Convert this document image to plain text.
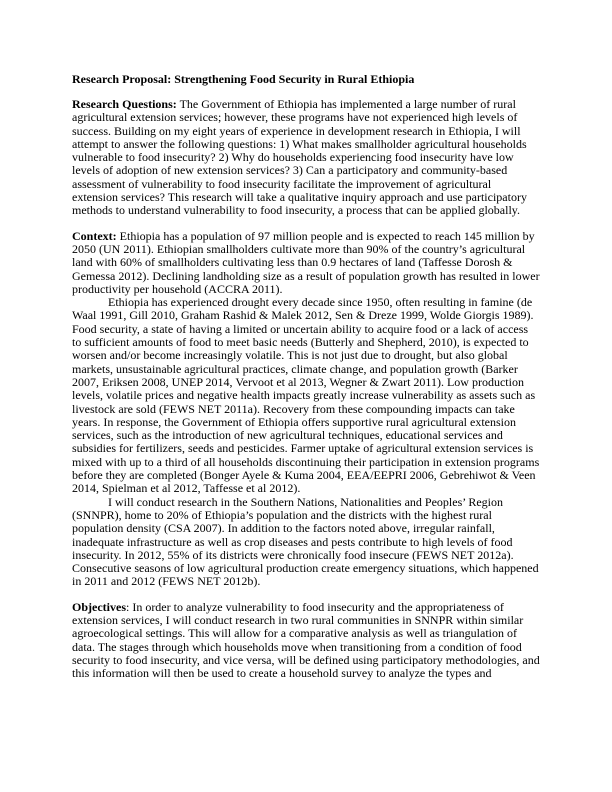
Research Proposal: Strengthening Food Security in Rural Ethiopia

Research Questions: The Government of Ethiopia has implemented a large number of rural agricultural extension services; however, these programs have not experienced high levels of success. Building on my eight years of experience in development research in Ethiopia, I will attempt to answer the following questions: 1) What makes smallholder agricultural households vulnerable to food insecurity? 2) Why do households experiencing food insecurity have low levels of adoption of new extension services? 3) Can a participatory and community-based assessment of vulnerability to food insecurity facilitate the improvement of agricultural extension services? This research will take a qualitative inquiry approach and use participatory methods to understand vulnerability to food insecurity, a process that can be applied globally.

Context: Ethiopia has a population of 97 million people and is expected to reach 145 million by 2050 (UN 2011). Ethiopian smallholders cultivate more than 90% of the country’s agricultural land with 60% of smallholders cultivating less than 0.9 hectares of land (Taffesse Dorosh & Gemessa 2012). Declining landholding size as a result of population growth has resulted in lower productivity per household (ACCRA 2011).

Ethiopia has experienced drought every decade since 1950, often resulting in famine (de Waal 1991, Gill 2010, Graham Rashid & Malek 2012, Sen & Dreze 1999, Wolde Giorgis 1989). Food security, a state of having a limited or uncertain ability to acquire food or a lack of access to sufficient amounts of food to meet basic needs (Butterly and Shepherd, 2010), is expected to worsen and/or become increasingly volatile. This is not just due to drought, but also global markets, unsustainable agricultural practices, climate change, and population growth (Barker 2007, Eriksen 2008, UNEP 2014, Vervoot et al 2013, Wegner & Zwart 2011). Low production levels, volatile prices and negative health impacts greatly increase vulnerability as assets such as livestock are sold (FEWS NET 2011a). Recovery from these compounding impacts can take years. In response, the Government of Ethiopia offers supportive rural agricultural extension services, such as the introduction of new agricultural techniques, educational services and subsidies for fertilizers, seeds and pesticides. Farmer uptake of agricultural extension services is mixed with up to a third of all households discontinuing their participation in extension programs before they are completed (Bonger Ayele & Kuma 2004, EEA/EEPRI 2006, Gebrehiwot & Veen 2014, Spielman et al 2012, Taffesse et al 2012).

I will conduct research in the Southern Nations, Nationalities and Peoples’ Region (SNNPR), home to 20% of Ethiopia’s population and the districts with the highest rural population density (CSA 2007). In addition to the factors noted above, irregular rainfall, inadequate infrastructure as well as crop diseases and pests contribute to high levels of food insecurity. In 2012, 55% of its districts were chronically food insecure (FEWS NET 2012a). Consecutive seasons of low agricultural production create emergency situations, which happened in 2011 and 2012 (FEWS NET 2012b).

Objectives: In order to analyze vulnerability to food insecurity and the appropriateness of extension services, I will conduct research in two rural communities in SNNPR within similar agroecological settings. This will allow for a comparative analysis as well as triangulation of data. The stages through which households move when transitioning from a condition of food security to food insecurity, and vice versa, will be defined using participatory methodologies, and this information will then be used to create a household survey to analyze the types and
